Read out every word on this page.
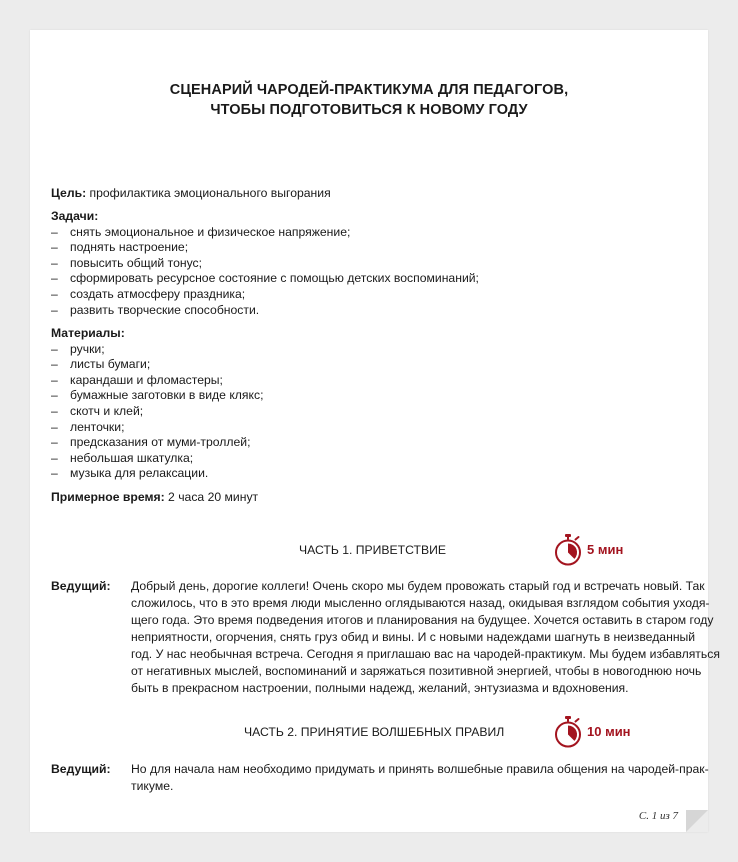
СЦЕНАРИЙ ЧАРОДЕЙ-ПРАКТИКУМА ДЛЯ ПЕДАГОГОВ,
ЧТОБЫ ПОДГОТОВИТЬСЯ К НОВОМУ ГОДУ
Цель: профилактика эмоционального выгорания
Задачи:
– снять эмоциональное и физическое напряжение;
– поднять настроение;
– повысить общий тонус;
– сформировать ресурсное состояние с помощью детских воспоминаний;
– создать атмосферу праздника;
– развить творческие способности.
Материалы:
– ручки;
– листы бумаги;
– карандаши и фломастеры;
– бумажные заготовки в виде клякс;
– скотч и клей;
– ленточки;
– предсказания от муми-троллей;
– небольшая шкатулка;
– музыка для релаксации.
Примерное время: 2 часа 20 минут
ЧАСТЬ 1. ПРИВЕТСТВИЕ	5 мин
Ведущий: Добрый день, дорогие коллеги! Очень скоро мы будем провожать старый год и встречать новый. Так
сложилось, что в это время люди мысленно оглядываются назад, окидывая взглядом события уходя-
щего года. Это время подведения итогов и планирования на будущее. Хочется оставить в старом году
неприятности, огорчения, снять груз обид и вины. И с новыми надеждами шагнуть в неизведанный
год. У нас необычная встреча. Сегодня я приглашаю вас на чародей-практикум. Мы будем избавляться
от негативных мыслей, воспоминаний и заряжаться позитивной энергией, чтобы в новогоднюю ночь
быть в прекрасном настроении, полными надежд, желаний, энтузиазма и вдохновения.
ЧАСТЬ 2. ПРИНЯТИЕ ВОЛШЕБНЫХ ПРАВИЛ	10 мин
Ведущий: Но для начала нам необходимо придумать и принять волшебные правила общения на чародей-прак-
тикуме.
С. 1 из 7
